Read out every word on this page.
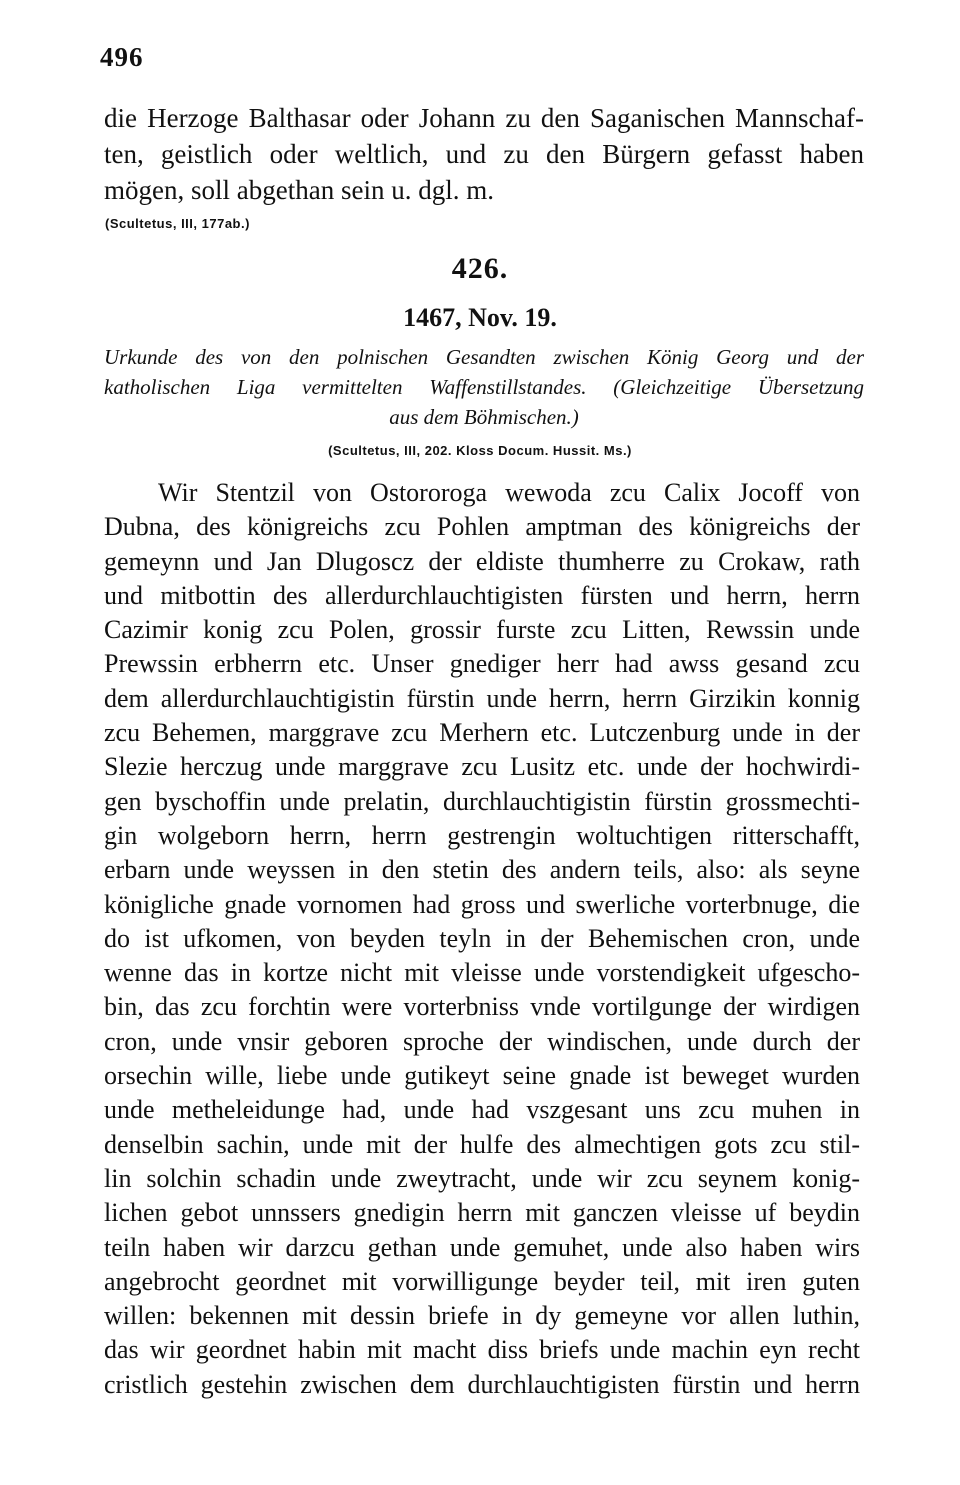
496
die Herzoge Balthasar oder Johann zu den Saganischen Mannschaf-
ten, geistlich oder weltlich, und zu den Bürgern gefasst haben
mögen, soll abgethan sein u. dgl. m.
(Scultetus, III, 177ab.)
426.
1467, Nov. 19.
Urkunde des von den polnischen Gesandten zwischen König Georg und der
katholischen Liga vermittelten Waffenstillstandes. (Gleichzeitige Übersetzung
aus dem Böhmischen.)
(Scultetus, III, 202. Kloss Docum. Hussit. Ms.)
Wir Stentzil von Ostororoga wewoda zcu Calix Jocoff von
Dubna, des königreichs zcu Pohlen amptman des königreichs der
gemeynn und Jan Dlugoscz der eldiste thumherre zu Crokaw, rath
und mitbottin des allerdurchlauchtigisten fürsten und herrn, herrn
Cazimir konig zcu Polen, grossir furste zcu Litten, Rewssin unde
Prewssin erbherrn etc. Unser gnediger herr had awss gesand zcu
dem allerdurchlauchtigistin fürstin unde herrn, herrn Girzikin konnig
zcu Behemen, marggrave zcu Merhern etc. Lutczenburg unde in der
Slezie herczug unde marggrave zcu Lusitz etc. unde der hochwirdi-
gen byschoffin unde prelatin, durchlauchtigistin fürstin grossmechti-
gin wolgeborn herrn, herrn gestrengin woltuchtigen ritterschafft,
erbarn unde weyssen in den stetin des andern teils, also: als seyne
königliche gnade vornomen had gross und swerliche vorterbnuge, die
do ist ufkomen, von beyden teyln in der Behemischen cron, unde
wenne das in kortze nicht mit vleisse unde vorstendigkeit ufgescho-
bin, das zcu forchtin were vorterbniss vnde vortilgunge der wirdigen
cron, unde vnsir geboren sproche der windischen, unde durch der
orsechin wille, liebe unde gutikeyt seine gnade ist beweget wurden
unde metheleidunge had, unde had vszgesant uns zcu muhen in
denselbin sachin, unde mit der hulfe des almechtigen gots zcu stil-
lin solchin schadin unde zweytracht, unde wir zcu seynem konig-
lichen gebot unnssers gnedigin herrn mit ganczen vleisse uf beydin
teiln haben wir darzcu gethan unde gemuhet, unde also haben wirs
angebrocht geordnet mit vorwilligunge beyder teil, mit iren guten
willen: bekennen mit dessin briefe in dy gemeyne vor allen luthin,
das wir geordnet habin mit macht diss briefs unde machin eyn recht
cristlich gestehin zwischen dem durchlauchtigisten fürstin und herrn
